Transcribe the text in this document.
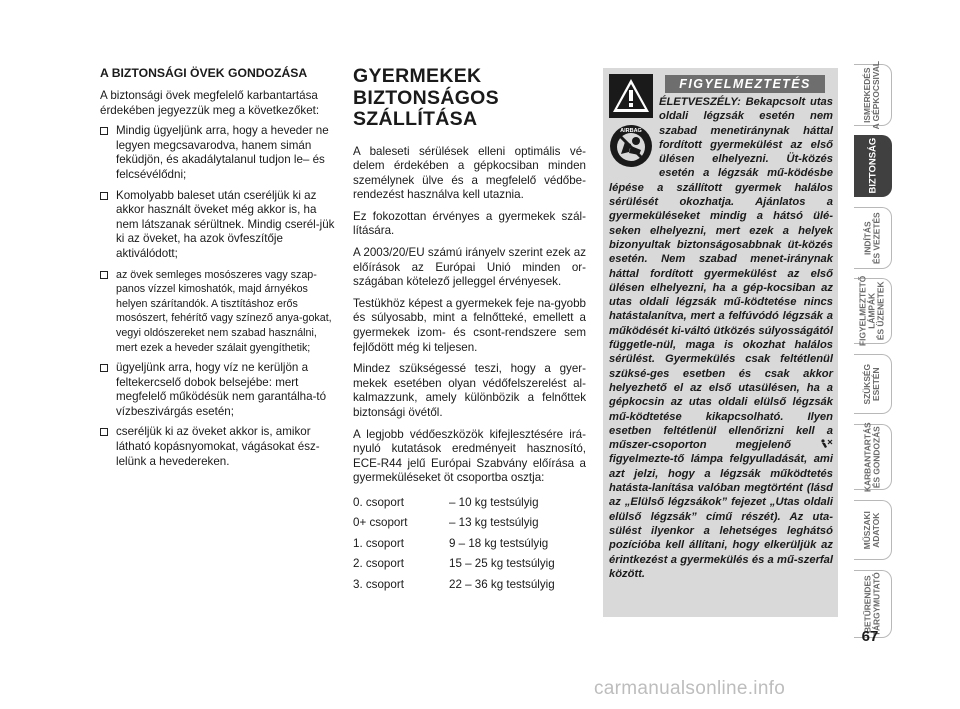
A BIZTONSÁGI ÖVEK GONDOZÁSA

A biztonsági övek megfelelő karbantartása érdekében jegyezzük meg a következőket:

Mindig ügyeljünk arra, hogy a heveder ne legyen megcsavarodva, hanem simán feküdjön, és akadálytalanul tudjon le– és felcsévélődni;
Komolyabb baleset után cseréljük ki az akkor használt öveket még akkor is, ha nem látszanak sérültnek. Mindig cserél-jük ki az öveket, ha azok övfeszítője aktiválódott;
az övek semleges mosószeres vagy szap-panos vízzel kimoshatók, majd árnyékos helyen szárítandók. A tisztításhoz erős mosószert, fehérítő vagy színező anya-gokat, vegyi oldószereket nem szabad használni, mert ezek a heveder szálait gyengíthetik;
ügyeljünk arra, hogy víz ne kerüljön a feltekercselő dobok belsejébe: mert megfelelő működésük nem garantálha-tó vízbeszivárgás esetén;
cseréljük ki az öveket akkor is, amikor látható kopásnyomokat, vágásokat ész-lelünk a hevedereken.
GYERMEKEK
BIZTONSÁGOS
SZÁLLÍTÁSA

A baleseti sérülések elleni optimális vé-delem érdekében a gépkocsiban minden személynek ülve és a megfelelő védőbe-rendezést használva kell utaznia.

Ez fokozottan érvényes a gyermekek szál-lítására.

A 2003/20/EU számú irányelv szerint ezek az előírások az Európai Unió minden or-szágában kötelező jelleggel érvényesek.

Testükhöz képest a gyermekek feje na-gyobb és súlyosabb, mint a felnőtteké, emellett a gyermekek izom- és csont-rendszere sem fejlődött még ki teljesen.

Mindez szükségessé teszi, hogy a gyer-mekek esetében olyan védőfelszerelést al-kalmazzunk, amely különbözik a felnőttek biztonsági övétől.

A legjobb védőeszközök kifejlesztésére irá-nyuló kutatások eredményeit hasznosító, ECE-R44 jelű Európai Szabvány előírása a gyermeküléseket öt csoportba osztja:

0. csoport	– 10 kg testsúlyig
0+ csoport	– 13 kg testsúlyig
1. csoport	9 – 18 kg testsúlyig
2. csoport	15 – 25 kg testsúlyig
3. csoport	22 – 36 kg testsúlyig
FIGYELMEZTETÉS
AIRBAG
ÉLETVESZÉLY: Bekapcsolt utas oldali légzsák esetén nem szabad menetiránynak háttal fordított gyermekülést az első ülésen elhelyezni. Üt-közés esetén a légzsák mű-ködésbe lépése a szállított gyermek halálos sérülését okozhatja. Ajánlatos a gyermeküléseket mindig a hátsó ülé-seken elhelyezni, mert ezek a helyek bizonyultak biztonságosabbnak üt-közés esetén. Nem szabad menet-iránynak háttal fordított gyermekülést az első ülésen elhelyezni, ha a gép-kocsiban az utas oldali légzsák mű-ködtetése nincs hatástalanítva, mert a felfúvódó légzsák a működését ki-váltó ütközés súlyosságától függetle-nül, maga is okozhat halálos sérülést. Gyermekülés csak feltétlenül szüksé-ges esetben és csak akkor helyezhető el az első utasülésen, ha a gépkocsin az utas oldali elülső légzsák mű-ködtetése kikapcsolható. Ilyen esetben feltétlenül ellenőrizni kell a műszer-csoporton megjelenő  figyelmezte-tő lámpa felgyulladását, ami azt jelzi, hogy a légzsák működtetés hatásta-lanítása valóban megtörtént (lásd az „Elülső légzsákok” fejezet „Utas oldali elülső légzsák” című részét). Az uta-sülést ilyenkor a lehetséges leghátsó pozícióba kell állítani, hogy elkerüljük az érintkezést a gyermekülés és a mű-szerfal között.
ISMERKEDÉS A GÉPKOCSIVAL
BIZTONSÁG
INDÍTÁS ÉS VEZETÉS
FIGYELMEZTETŐ LÁMPÁK ÉS ÜZENETEK
SZÜKSÉG ESETÉN
KARBANTARTÁS ÉS GONDOZÁS
MŰSZAKI ADATOK
BETŰRENDES TÁRGYMUTATÓ
67
carmanualsonline.info
